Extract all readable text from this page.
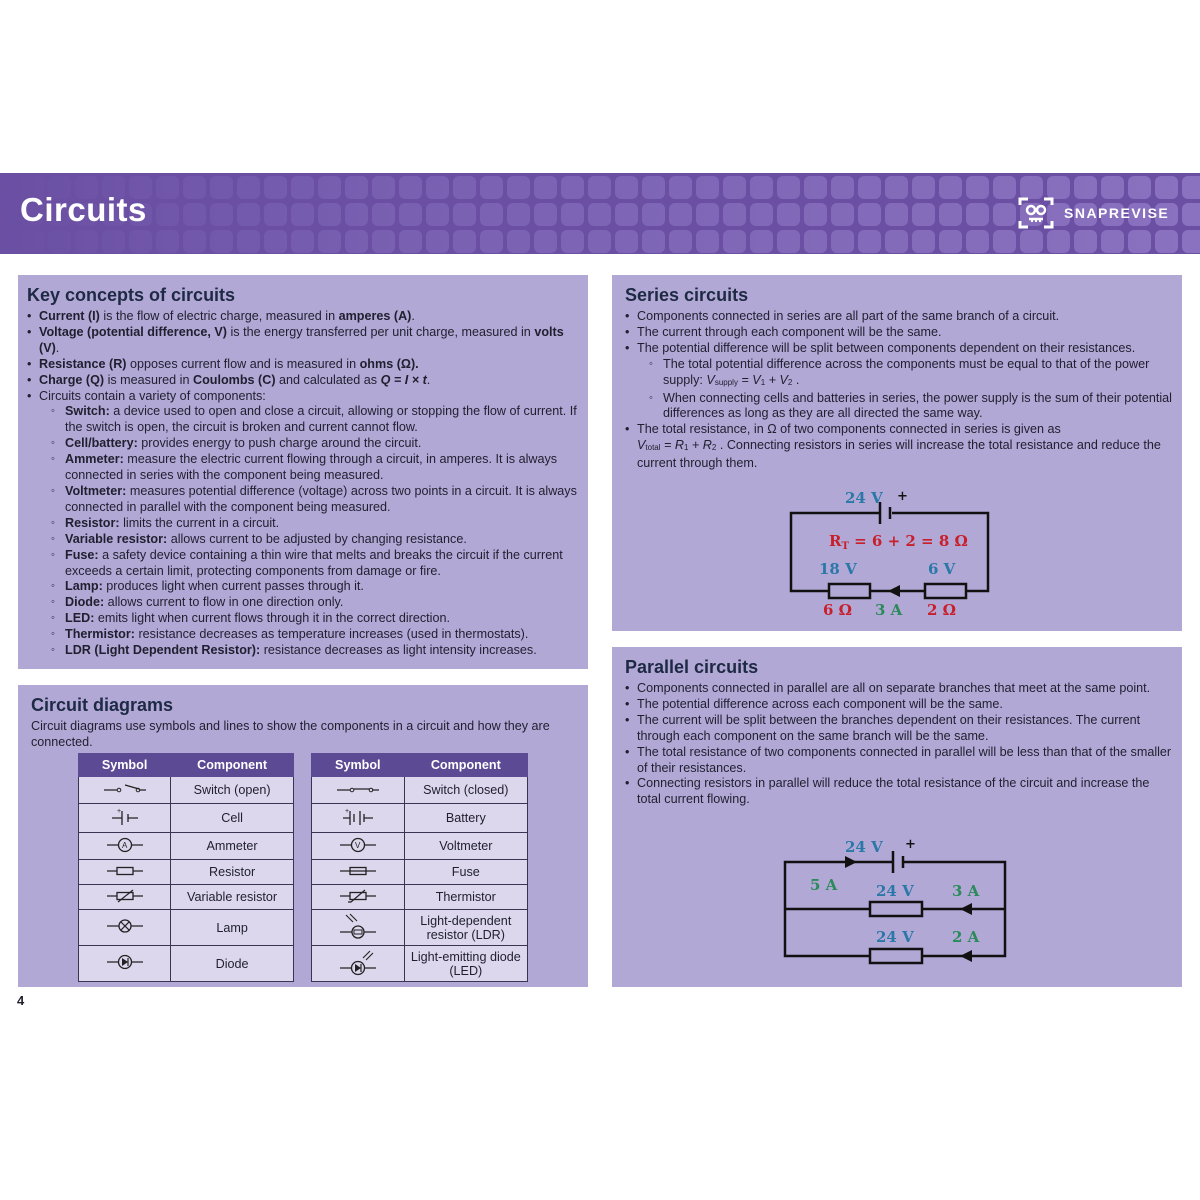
Circuits	SNAPREVISE
Key concepts of circuits
• Current (I) is the flow of electric charge, measured in amperes (A).
• Voltage (potential difference, V) is the energy transferred per unit charge, measured in volts (V).
• Resistance (R) opposes current flow and is measured in ohms (Ω).
• Charge (Q) is measured in Coulombs (C) and calculated as Q = I × t.
• Circuits contain a variety of components:
◦ Switch: a device used to open and close a circuit, allowing or stopping the flow of current. If the switch is open, the circuit is broken and current cannot flow.
◦ Cell/battery: provides energy to push charge around the circuit.
◦ Ammeter: measure the electric current flowing through a circuit, in amperes. It is always connected in series with the component being measured.
◦ Voltmeter: measures potential difference (voltage) across two points in a circuit. It is always connected in parallel with the component being measured.
◦ Resistor: limits the current in a circuit.
◦ Variable resistor: allows current to be adjusted by changing resistance.
◦ Fuse: a safety device containing a thin wire that melts and breaks the circuit if the current exceeds a certain limit, protecting components from damage or fire.
◦ Lamp: produces light when current passes through it.
◦ Diode: allows current to flow in one direction only.
◦ LED: emits light when current flows through it in the correct direction.
◦ Thermistor: resistance decreases as temperature increases (used in thermostats).
◦ LDR (Light Dependent Resistor): resistance decreases as light intensity increases.
Circuit diagrams
Circuit diagrams use symbols and lines to show the components in a circuit and how they are connected.
Symbol	Component
	Switch (open)

+	Cell

A	Ammeter
	Resistor
	Variable resistor
	Lamp
	Diode
Symbol	Component
	Switch (closed)

+	Battery

V	Voltmeter
	Fuse
	Thermistor
	Light-dependent resistor (LDR)
	Light-emitting diode (LED)
4
Series circuits
• Components connected in series are all part of the same branch of a circuit.
• The current through each component will be the same.
• The potential difference will be split between components dependent on their resistances.
◦ The total potential difference across the components must be equal to that of the power supply: Vsupply = V1 + V2 .
◦ When connecting cells and batteries in series, the power supply is the sum of their potential differences as long as they are all directed the same way.
• The total resistance, in Ω of two components connected in series is given as
Vtotal = R1 + R2 . Connecting resistors in series will increase the total resistance and reduce the current through them.
24 V +
$R_T = 6 + 2 = 8$ Ω
18 V	6 V
6 Ω 3 A 2 Ω
Parallel circuits
• Components connected in parallel are all on separate branches that meet at the same point.
• The potential difference across each component will be the same.
• The current will be split between the branches dependent on their resistances. The current through each component on the same branch will be the same.
• The total resistance of two components connected in parallel will be less than that of the smaller of their resistances.
• Connecting resistors in parallel will reduce the total resistance of the circuit and increase the total current flowing.
24 V +
5 A	24 V	3 A
24 V	2 A
